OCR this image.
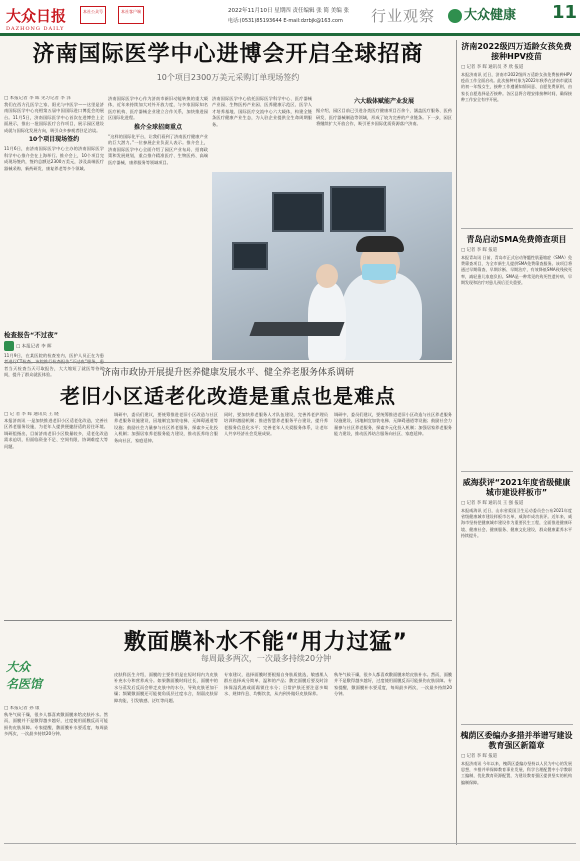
大众日报
DAZHONG DAILY
本社公众号	本社客户端	2022年11月10日 星期四 责任编辑 张 简 美编 张
电话:(0531)85193644 E-mail:dzrbjk@163.com 行业观察	大众健康 11
济南国际医学中心进博会开启全球招商
10个项目2300万美元采购订单现场签约
□ 本报记者 李 晖 见习记者 李 泽

我们在西方孔医学之家、阳光与中医学——这里是济南国际医学中心亮相第五届中国国际进口博览会的展台。11月5日，济南国际医学中心首次在进博会上全面展示，推出一批国际医疗合作项目，展示园区建设成就与国际化发展方向，吸引众多参观者驻足洽谈。

10个项目现场签约

11月6日，由济南国际医学中心主办的济南国际医学科学中心推介会在上海举行。推介会上，10个项目完成现场签约，签约总额达2300万美元，涉及高端医疗器械采购、新药研发、康复养老等多个领域。

济南国际医学中心作为济南市新旧动能转换的重大载体，近年来持续加大对外开放力度，与多家国际知名医疗机构、医疗器械企业建立合作关系，加快推进园区国际化进程。

推介全球招商重点

“这样的国际化平台，让我们看到了济南医疗健康产业的巨大潜力。”一位参展企业负责人表示。推介会上，济南国际医学中心全面介绍了园区产业布局、招商政策和发展规划，重点推介精准医疗、生物医药、高端医疗器械、康养服务等领域项目。

济南国际医学中心依托国际医学科学中心、医疗器械产业园、生物医药产业园、医养健康示范区、医学人才培养基地、国际医疗交流中心六大载体，构建全链条医疗健康产业生态，为入驻企业提供全生命周期服务。

六大载体赋能产业发展

据介绍，园区目前已引进各类医疗健康项目百余个，涵盖医疗服务、医药研发、医疗器械制造等领域，形成了较为完善的产业链条。下一步，园区将继续扩大开放合作，吸引更多国际优质资源落户济南。

检查报告“不过夜”
□ 本报记者 李 晖

11月9日，在某医院的检查室内，医护人员正在为患 者当天检查当天可取报告，大大缩短了就医等待时间，提升了群众就医体验。	济南市政协开展提升医养健康发展水平、健全养老服务体系调研
老旧小区适老化改造是重点也是难点
□ 记 者 李 晖 通讯员 王 晓

本报济南讯 一是加快推进老旧小区适老化改造，完善社区养老服务设施，为老年人提供便捷舒适的居住环境。调研组指出，目前济南老旧小区数量较多，适老化改造需求迫切，但面临资金不足、空间有限、协调难度大等问题。

调研中，委员们建议，要统筹推进老旧小区改造与社区养老服务设施建设，因地制宜加装电梯、无障碍通道等设施；鼓励社会力量参与社区养老服务，探索多元化投入机制；加强居家养老服务能力建设，推动医养结合服务向社区、家庭延伸。

同时，要加快养老服务人才队伍建设，完善养老护理员培训和激励机制；推进智慧养老服务平台建设，提升养老服务信息化水平；完善老年人关爱服务体系，让老年人共享经济社会发展成果。

调研中，委员们建议，要统筹推进老旧小区改造与社区养老服务设施建设，因地制宜加装电梯、无障碍通道等设施；鼓励社会力量参与社区养老服务，探索多元化投入机制；加强居家养老服务能力建设，推动医养结合服务向社区、家庭延伸。

大众
名医馆
敷面膜补水不能“用力过猛”
每周最多两次，一次最多持续20分钟
□ 本报记者 孙 康

秋冬气候干燥，很多人都喜欢敷面膜来给皮肤补水。然而，面膜并不是敷得越多越好，过度使用面膜反而可能损伤皮肤屏障。专家提醒，敷面膜补水要适度，每周最多两次，一次最多持续20分钟。

皮肤科医生介绍，面膜的主要作用是在短时间内为皮肤补充水分和营养成分。如果敷面膜时间过长，面膜中的水分蒸发后反而会带走皮肤中的水分，导致皮肤更加干燥；频繁敷面膜还可能使角质层过度水合，削弱皮肤屏障功能，引发敏感、泛红等问题。

专家建议，选择面膜时要根据自身肤质挑选，敏感肌人群应选择成分简单、温和的产品；敷完面膜后要及时涂抹保湿乳液或面霜锁住水分；日常护肤还要注意多喝水、规律作息、均衡饮食，从内到外做好皮肤保养。

秋冬气候干燥，很多人都喜欢敷面膜来给皮肤补水。然而，面膜并不是敷得越多越好，过度使用面膜反而可能损伤皮肤屏障。专家提醒，敷面膜补水要适度，每周最多两次，一次最多持续20分钟。

济南2022级四万适龄女孩免费接种HPV疫苗
□ 记者 李 晖 通讯员 齐 欣 报道

本报济南讯 近日，济南市2022级四万适龄女孩免费接种HPV疫苗工作全面启动。此次接种对象为2022年秋季在济南市就读的初一年级女生，接种工作遵循知情同意、自愿免费原则，由家长自愿选择是否接种。各区县将合理安排接种时间，确保接种工作安全有序开展。

青岛启动SMA免费筛查项目
□ 记者 李 晖 报道

本报青岛讯 日前，青岛市正式启动脊髓性肌萎缩症（SMA）免费筛查项目，为全市新生儿提供SMA免费筛查服务。该项目将通过早期筛查、早期诊断、早期治疗，有效降低SMA致残致死率，减轻患儿家庭负担。SMA是一种常见的致死性遗传病，早期发现和治疗对患儿预后至关重要。

威海获评“2021年度省级健康城市建设样板市”
□ 记者 李 晖 通讯员 王 强 报道

本报威海讯 近日，山东省爱国卫生运动委员会公布2021年度省级健康城市建设样板市名单，威海市成功获评。近年来，威海市坚持把健康城市建设作为重要民生工程，全面推进健康环境、健康社会、健康服务、健康文化建设，群众健康素养水平持续提升。

槐荫区委编办多措并举谱写建设教育强区新篇章
□ 记者 李 晖 报道

本报济南讯 今年以来，槐荫区委编办坚持以人民为中心的发展思想，多措并举保障教育事业发展，科学合理配置中小学教职工编制，优化教育资源配置，为建设教育强区提供坚实的机构编制保障。
